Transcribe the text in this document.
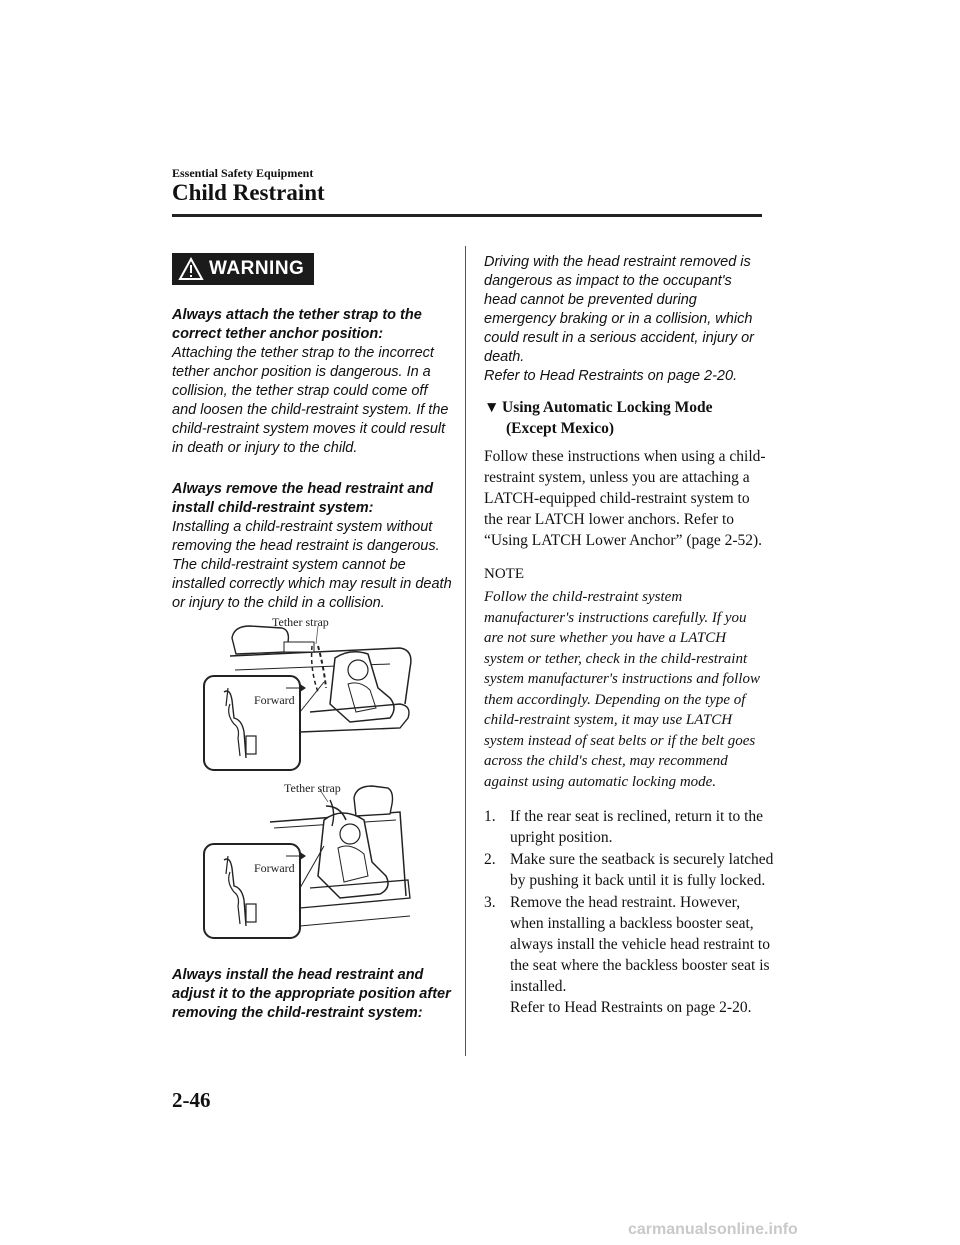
Essential Safety Equipment
Child Restraint
WARNING
Always attach the tether strap to the correct tether anchor position:
Attaching the tether strap to the incorrect tether anchor position is dangerous. In a collision, the tether strap could come off and loosen the child-restraint system. If the child-restraint system moves it could result in death or injury to the child.
Always remove the head restraint and install child-restraint system:
Installing a child-restraint system without removing the head restraint is dangerous. The child-restraint system cannot be installed correctly which may result in death or injury to the child in a collision.
Tether strap
Forward
Tether strap
Forward
Always install the head restraint and adjust it to the appropriate position after removing the child-restraint system:

Driving with the head restraint removed is dangerous as impact to the occupant's head cannot be prevented during emergency braking or in a collision, which could result in a serious accident, injury or death.

Refer to Head Restraints on page 2-20.

▼ Using Automatic Locking Mode
(Except Mexico)
Follow these instructions when using a child-restraint system, unless you are attaching a LATCH-equipped child-restraint system to the rear LATCH lower anchors. Refer to “Using LATCH Lower Anchor” (page 2-52).
NOTE
Follow the child-restraint system manufacturer's instructions carefully. If you are not sure whether you have a LATCH system or tether, check in the child-restraint system manufacturer's instructions and follow them accordingly. Depending on the type of child-restraint system, it may use LATCH system instead of seat belts or if the belt goes across the child's chest, may recommend against using automatic locking mode.
1. If the rear seat is reclined, return it to the upright position.
2. Make sure the seatback is securely latched by pushing it back until it is fully locked.
3. Remove the head restraint. However, when installing a backless booster seat, always install the vehicle head restraint to the seat where the backless booster seat is installed.
Refer to Head Restraints on page 2-20.
2-46
carmanualsonline.info
